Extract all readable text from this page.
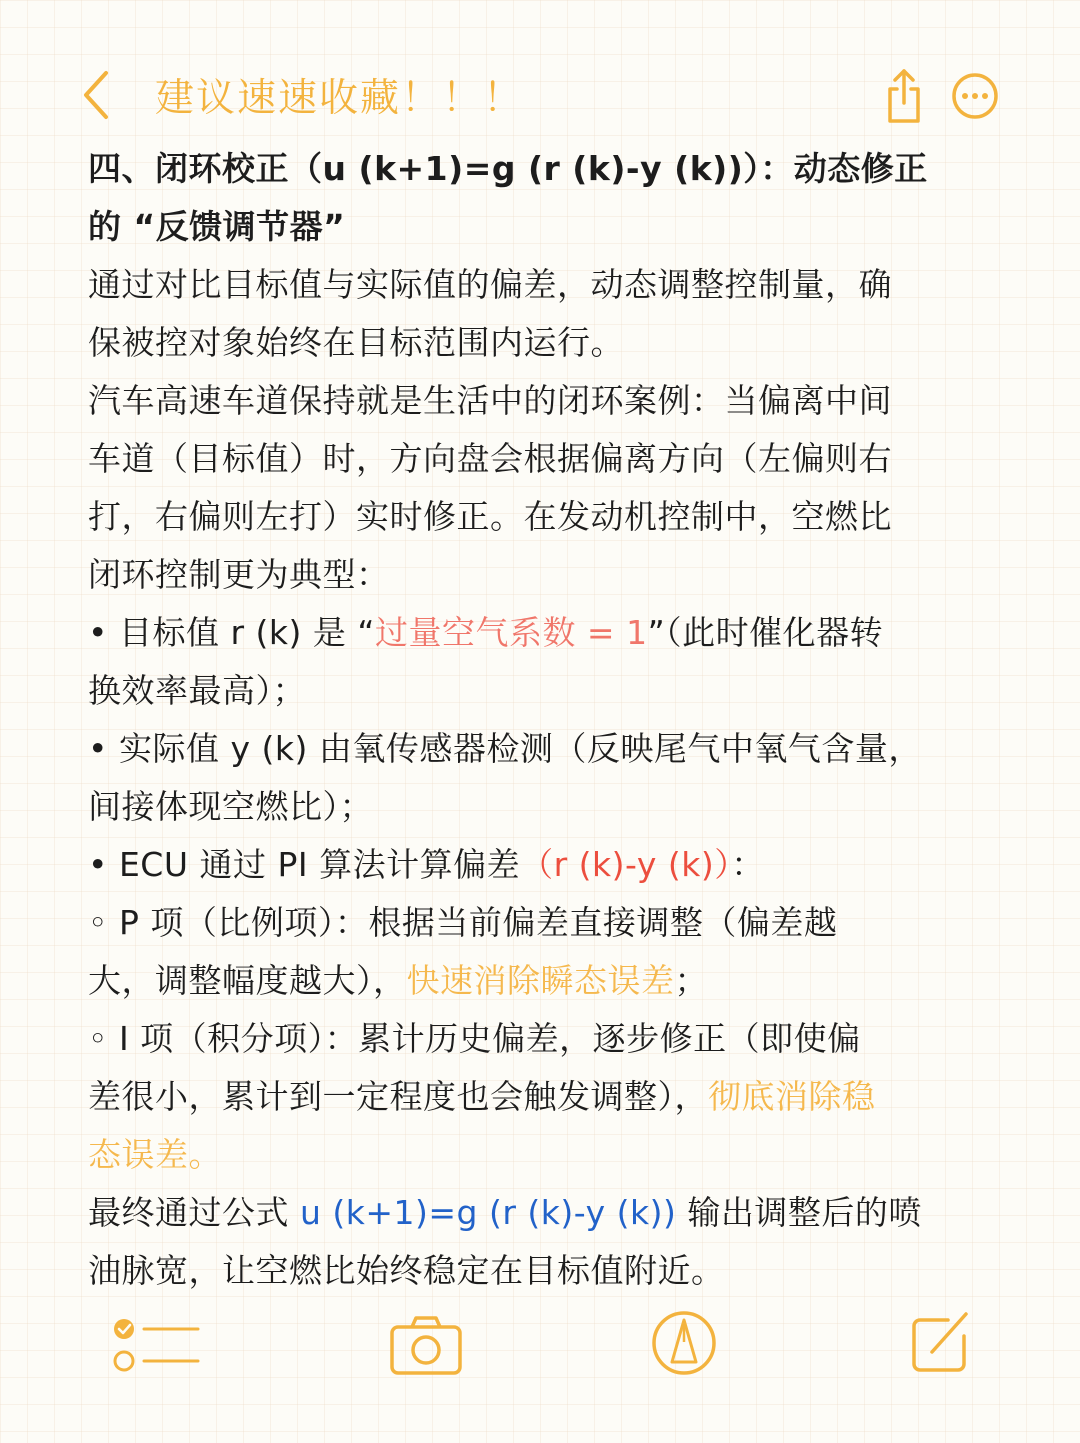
建议速速收藏！！！

四、闭环校正（u (k+1)=g (r (k)-y (k))）：动态修正

的 “反馈调节器”

通过对比目标值与实际值的偏差，动态调整控制量，确

保被控对象始终在目标范围内运行。

汽车高速车道保持就是生活中的闭环案例：当偏离中间

车道（目标值）时，方向盘会根据偏离方向（左偏则右

打，右偏则左打）实时修正。在发动机控制中，空燃比

闭环控制更为典型：

• 目标值 r (k) 是 “过量空气系数 = 1”（此时催化器转

换效率最高）；

• 实际值 y (k) 由氧传感器检测（反映尾气中氧气含量，

间接体现空燃比）；

• ECU 通过 PI 算法计算偏差（r (k)-y (k)）：

◦ P 项（比例项）：根据当前偏差直接调整（偏差越

大，调整幅度越大），快速消除瞬态误差；

◦ I 项（积分项）：累计历史偏差，逐步修正（即使偏

差很小，累计到一定程度也会触发调整），彻底消除稳

态误差。

最终通过公式 u (k+1)=g (r (k)-y (k)) 输出调整后的喷

油脉宽，让空燃比始终稳定在目标值附近。
